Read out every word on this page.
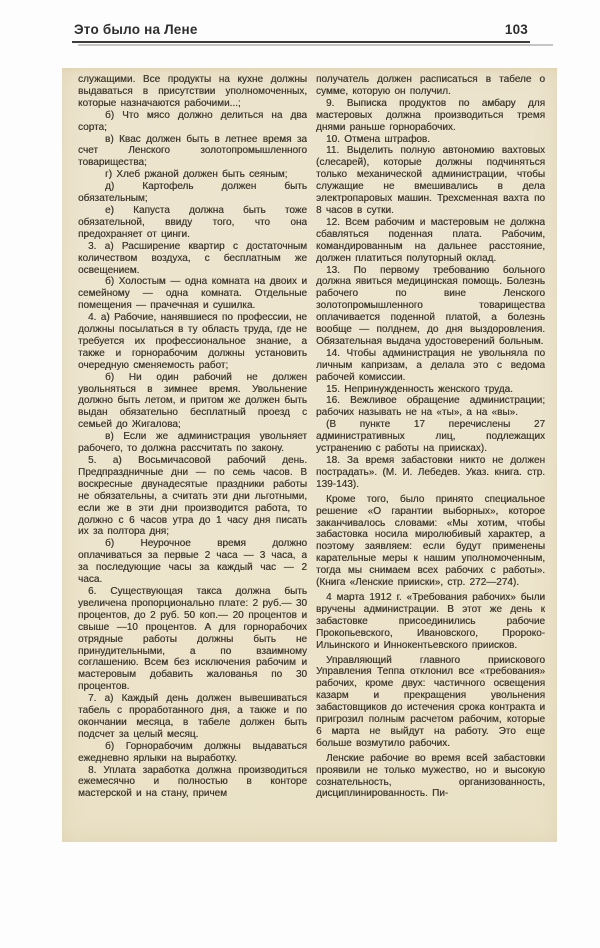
Это было на Лене	103

служащими. Все продукты на кухне должны выдаваться в присутствии уполномоченных, которые назначаются рабочими...;

б) Что мясо должно делиться на два сорта;

в) Квас должен быть в летнее время за счет Ленского золотопромышленного товарищества;

г) Хлеб ржаной должен быть сеяным;

д) Картофель должен быть обязательным;

е) Капуста должна быть тоже обязательной, ввиду того, что она предохраняет от цинги.

3. а) Расширение квартир с достаточным количеством воздуха, с бесплатным же освещением.

б) Холостым — одна комната на двоих и семейному — одна комната. Отдельные помещения — прачечная и сушилка.

4. а) Рабочие, нанявшиеся по профессии, не должны посылаться в ту область труда, где не требуется их профессиональное знание, а также и горнорабочим должны установить очередную сменяемость работ;

б) Ни один рабочий не должен увольняться в зимнее время. Увольнение должно быть летом, и притом же должен быть выдан обязательно бесплатный проезд с семьей до Жигалова;

в) Если же администрация увольняет рабочего, то должна рассчитать по закону.

5. а) Восьмичасовой рабочий день. Предпраздничные дни — по семь часов. В воскресные двунадесятые праздники работы не обязательны, а считать эти дни льготными, если же в эти дни производится работа, то должно с 6 часов утра до 1 часу дня писать их за полтора дня;

б) Неурочное время должно оплачиваться за первые 2 часа — 3 часа, а за последующие часы за каждый час — 2 часа.

6. Существующая такса должна быть увеличена пропорционально плате: 2 руб.— 30 процентов, до 2 руб. 50 коп.— 20 процентов и свыше —10 процентов. А для горнорабочих отрядные работы должны быть не принудительными, а по взаимному соглашению. Всем без исключения рабочим и мастеровым добавить жалованья по 30 процентов.

7. а) Каждый день должен вывешиваться табель с проработанного дня, а также и по окончании месяца, в табеле должен быть подсчет за целый месяц.

б) Горнорабочим должны выдаваться ежедневно ярлыки на выработку.

8. Уплата заработка должна производиться ежемесячно и полностью в конторе мастерской и на стану, причем

получатель должен расписаться в табеле о сумме, которую он получил.

9. Выписка продуктов по амбару для мастеровых должна производиться тремя днями раньше горнорабочих.

10. Отмена штрафов.

11. Выделить полную автономию вахтовых (слесарей), которые должны подчиняться только механической администрации, чтобы служащие не вмешивались в дела электропаровых машин. Трехсменная вахта по 8 часов в сутки.

12. Всем рабочим и мастеровым не должна сбавляться поденная плата. Рабочим, командированным на дальнее расстояние, должен платиться полуторный оклад.

13. По первому требованию больного должна явиться медицинская помощь. Болезнь рабочего по вине Ленского золотопромышленного товарищества оплачивается поденной платой, а болезнь вообще — полднем, до дня выздоровления. Обязательная выдача удостоверений больным.

14. Чтобы администрация не увольняла по личным капризам, а делала это с ведома рабочей комиссии.

15. Непринужденность женского труда.

16. Вежливое обращение администрации; рабочих называть не на «ты», а на «вы».

(В пункте 17 перечислены 27 административных лиц, подлежащих устранению с работы на приисках).

18. За время забастовки никто не должен пострадать». (М. И. Лебедев. Указ. книга. стр. 139-143).

Кроме того, было принято специальное решение «О гарантии выборных», которое заканчивалось словами: «Мы хотим, чтобы забастовка носила миролюбивый характер, а поэтому заявляем: если будут применены карательные меры к нашим уполномоченным, тогда мы снимаем всех рабочих с работы». (Книга «Ленские прииски», стр. 272—274).

4 марта 1912 г. «Требования рабочих» были вручены администрации. В этот же день к забастовке присоединились рабочие Прокопьевского, Ивановского, Пророко-Ильинского и Иннокентьевского приисков.

Управляющий главного приискового Управления Теппа отклонил все «требования» рабочих, кроме двух: частичного освещения казарм и прекращения увольнения забастовщиков до истечения срока контракта и пригрозил полным расчетом рабочим, которые 6 марта не выйдут на работу. Это еще больше возмутило рабочих.

Ленские рабочие во время всей забастовки проявили не только мужество, но и высокую сознательность, организованность, дисциплинированность. Пи-
